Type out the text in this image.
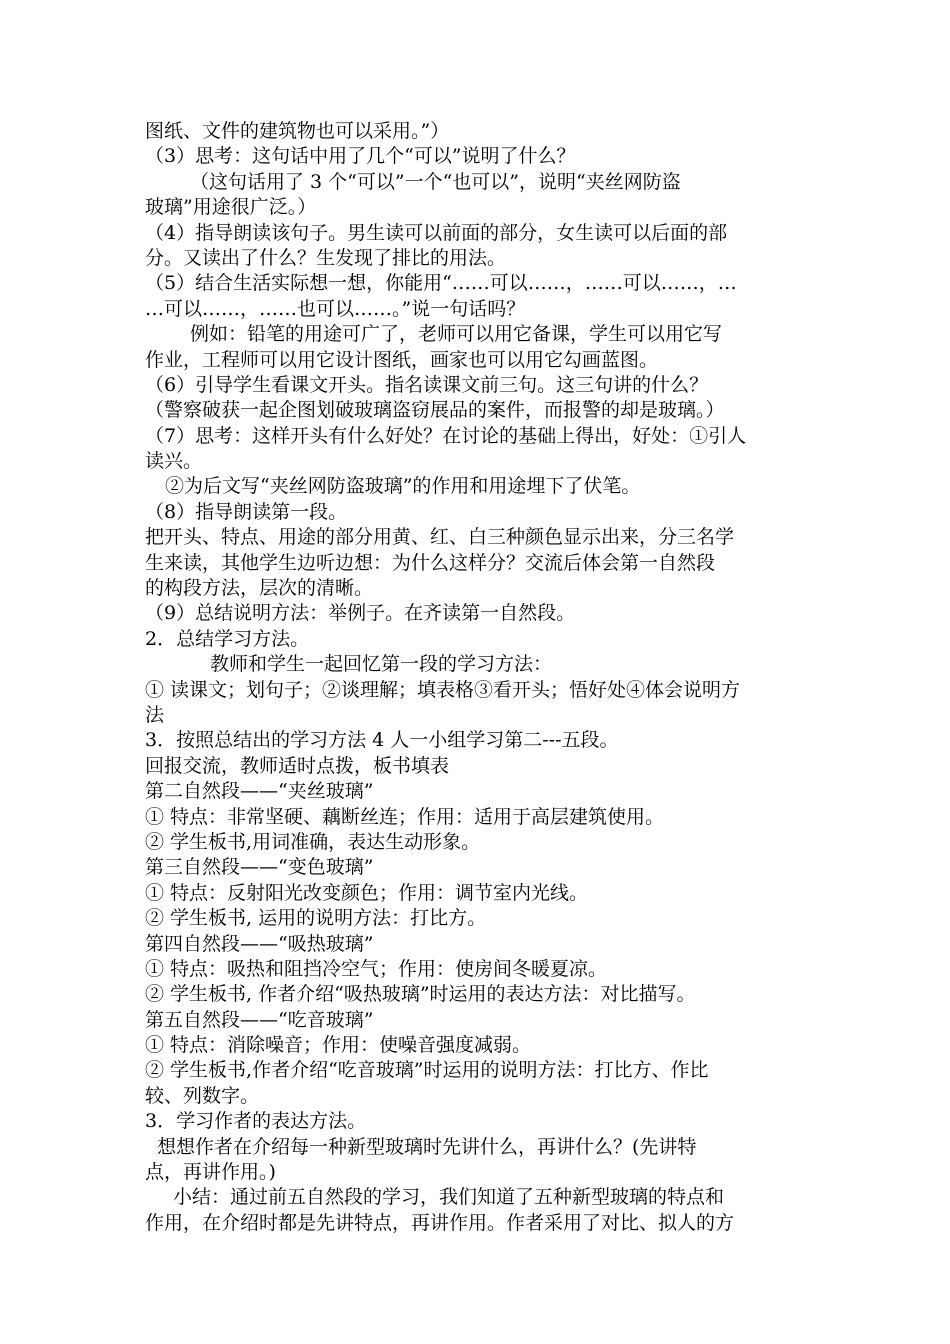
图纸、文件的建筑物也可以采用。”）
（3）思考：这句话中用了几个“可以”说明了什么？
（这句话用了 3 个“可以”一个“也可以”，说明“夹丝网防盗
玻璃”用途很广泛。）
（4）指导朗读该句子。男生读可以前面的部分，女生读可以后面的部
分。又读出了什么？生发现了排比的用法。
（5）结合生活实际想一想，你能用“……可以……，……可以……，…
…可以……，……也可以……。”说一句话吗？
例如：铅笔的用途可广了，老师可以用它备课，学生可以用它写
作业，工程师可以用它设计图纸，画家也可以用它勾画蓝图。
（6）引导学生看课文开头。指名读课文前三句。这三句讲的什么？
（警察破获一起企图划破玻璃盗窃展品的案件，而报警的却是玻璃。）
（7）思考：这样开头有什么好处？在讨论的基础上得出，好处：①引人
读兴。
②为后文写“夹丝网防盗玻璃”的作用和用途埋下了伏笔。
（8）指导朗读第一段。
把开头、特点、用途的部分用黄、红、白三种颜色显示出来，分三名学
生来读，其他学生边听边想：为什么这样分？交流后体会第一自然段
的构段方法，层次的清晰。
（9）总结说明方法：举例子。在齐读第一自然段。
2．总结学习方法。
教师和学生一起回忆第一段的学习方法：
① 读课文；划句子；②谈理解；填表格③看开头；悟好处④体会说明方
法
3．按照总结出的学习方法 4 人一小组学习第二---五段。
回报交流，教师适时点拨，板书填表
第二自然段——“夹丝玻璃”
① 特点：非常坚硬、藕断丝连；作用：适用于高层建筑使用。
② 学生板书,用词准确，表达生动形象。
第三自然段——“变色玻璃”
① 特点：反射阳光改变颜色；作用：调节室内光线。
② 学生板书, 运用的说明方法：打比方。
第四自然段——“吸热玻璃”
① 特点：吸热和阻挡冷空气；作用：使房间冬暖夏凉。
② 学生板书, 作者介绍“吸热玻璃”时运用的表达方法：对比描写。
第五自然段——“吃音玻璃”
① 特点：消除噪音；作用：使噪音强度减弱。
② 学生板书,作者介绍“吃音玻璃”时运用的说明方法：打比方、作比
较、列数字。
3．学习作者的表达方法。
想想作者在介绍每一种新型玻璃时先讲什么，再讲什么？(先讲特
点，再讲作用。)
小结：通过前五自然段的学习，我们知道了五种新型玻璃的特点和
作用，在介绍时都是先讲特点，再讲作用。作者采用了对比、拟人的方
